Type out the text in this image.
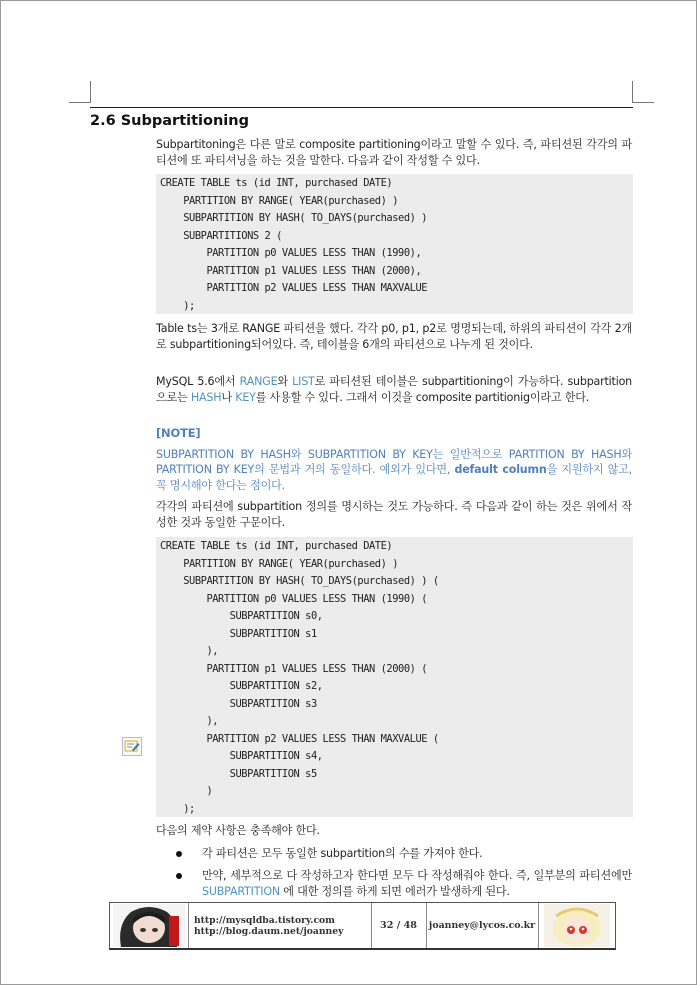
2.6 Subpartitioning

Subpartitoning은 다른 말로 composite partitioning이라고 말할 수 있다. 즉, 파티션된 각각의 파티션에 또 파티셔닝을 하는 것을 말한다. 다음과 같이 작성할 수 있다.

CREATE TABLE ts (id INT, purchased DATE)
PARTITION BY RANGE( YEAR(purchased) )
SUBPARTITION BY HASH( TO_DAYS(purchased) )
SUBPARTITIONS 2 (
PARTITION p0 VALUES LESS THAN (1990),
PARTITION p1 VALUES LESS THAN (2000),
PARTITION p2 VALUES LESS THAN MAXVALUE
);

Table ts는 3개로 RANGE 파티션을 했다. 각각 p0, p1, p2로 명명되는데, 하위의 파티션이 각각 2개로 subpartitioning되어있다. 즉, 테이블을 6개의 파티션으로 나누게 된 것이다.

MySQL 5.6에서 RANGE와 LIST로 파티션된 테이블은 subpartitioning이 가능하다. subpartition으로는 HASH나 KEY를 사용할 수 있다. 그래서 이것을 composite partitionig이라고 한다.

[NOTE]

SUBPARTITION BY HASH와 SUBPARTITION BY KEY는 일반적으로 PARTITION BY HASH와 PARTITION BY KEY의 문법과 거의 동일하다. 예외가 있다면, default column을 지원하지 않고, 꼭 명시해야 한다는 점이다.

각각의 파티션에 subpartition 정의를 명시하는 것도 가능하다. 즉 다음과 같이 하는 것은 위에서 작성한 것과 동일한 구문이다.

CREATE TABLE ts (id INT, purchased DATE)
PARTITION BY RANGE( YEAR(purchased) )
SUBPARTITION BY HASH( TO_DAYS(purchased) ) (
PARTITION p0 VALUES LESS THAN (1990) (
SUBPARTITION s0,
SUBPARTITION s1
),
PARTITION p1 VALUES LESS THAN (2000) (
SUBPARTITION s2,
SUBPARTITION s3
),
PARTITION p2 VALUES LESS THAN MAXVALUE (
SUBPARTITION s4,
SUBPARTITION s5
)
);

다음의 제약 사항은 충족해야 한다.

각 파티션은 모두 동일한 subpartition의 수를 가져야 한다.

만약, 세부적으로 다 작성하고자 한다면 모두 다 작성해줘야 한다. 즉, 일부분의 파티션에만 SUBPARTITION 에 대한 정의를 하게 되면 에러가 발생하게 된다.

http://mysqldba.tistory.com
http://blog.daum.net/joanney
32 / 48	joanney@lycos.co.kr
